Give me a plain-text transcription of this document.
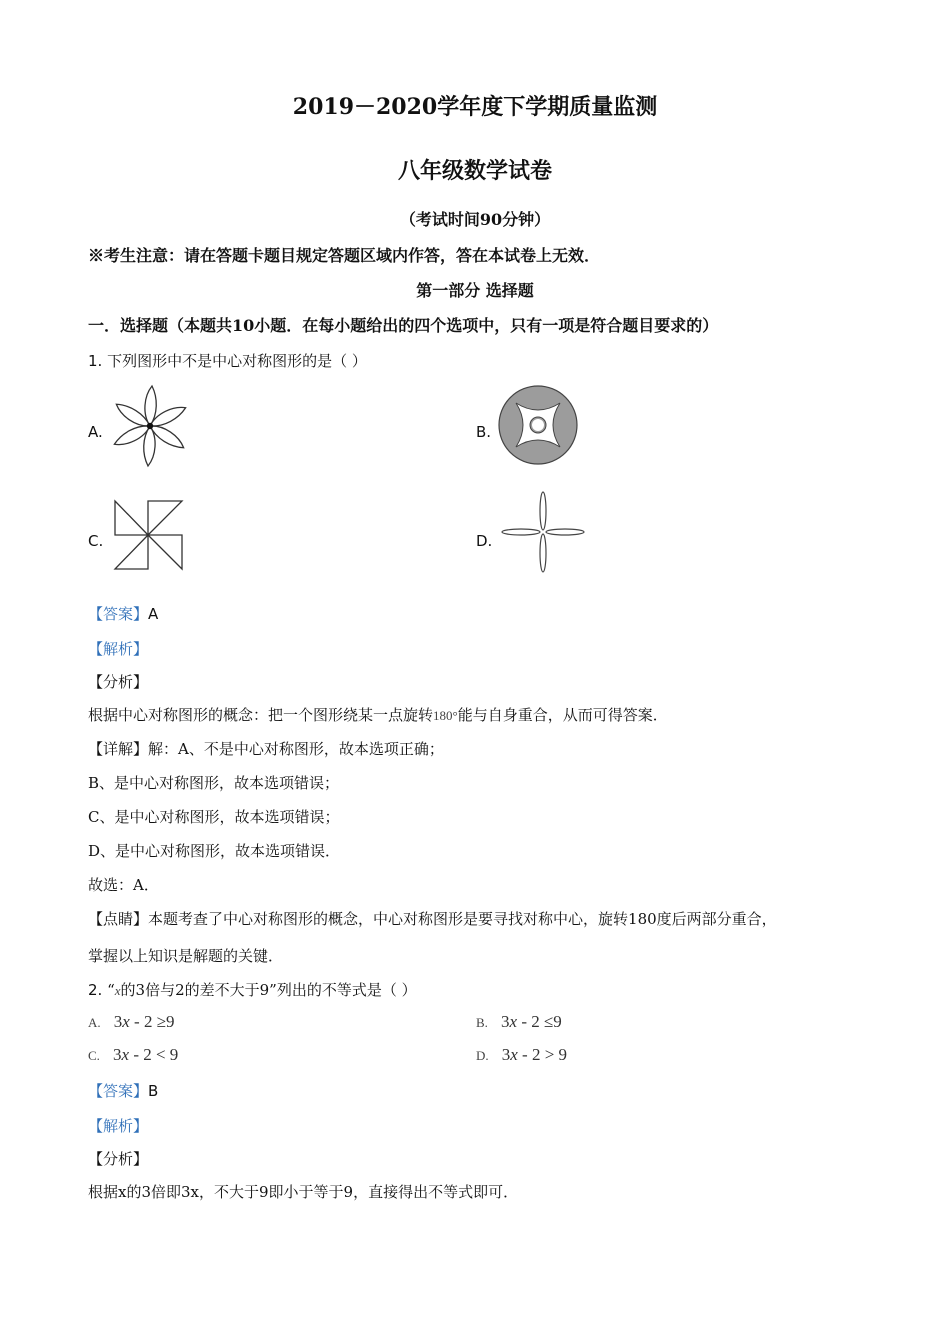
2019－2020学年度下学期质量监测
八年级数学试卷
（考试时间90分钟）
※考生注意：请在答题卡题目规定答题区域内作答，答在本试卷上无效．
第一部分 选择题
一．选择题（本题共10小题．在每小题给出的四个选项中，只有一项是符合题目要求的）
1. 下列图形中不是中心对称图形的是（ ）
A.	B.
C.	D.
【答案】A
【解析】
【分析】
根据中心对称图形的概念：把一个图形绕某一点旋转180°能与自身重合，从而可得答案．
【详解】解：A、不是中心对称图形，故本选项正确；
B、是中心对称图形，故本选项错误；
C、是中心对称图形，故本选项错误；
D、是中心对称图形，故本选项错误．
故选：A．
【点睛】本题考查了中心对称图形的概念，中心对称图形是要寻找对称中心，旋转180度后两部分重合，
掌握以上知识是解题的关键．
2. “x的3倍与2的差不大于9”列出的不等式是（ ）
A. 3x - 2 ≥9	B. 3x - 2 ≤9
C. 3x - 2 < 9	D. 3x - 2 > 9
【答案】B
【解析】
【分析】
根据x的3倍即3x，不大于9即小于等于9，直接得出不等式即可．
